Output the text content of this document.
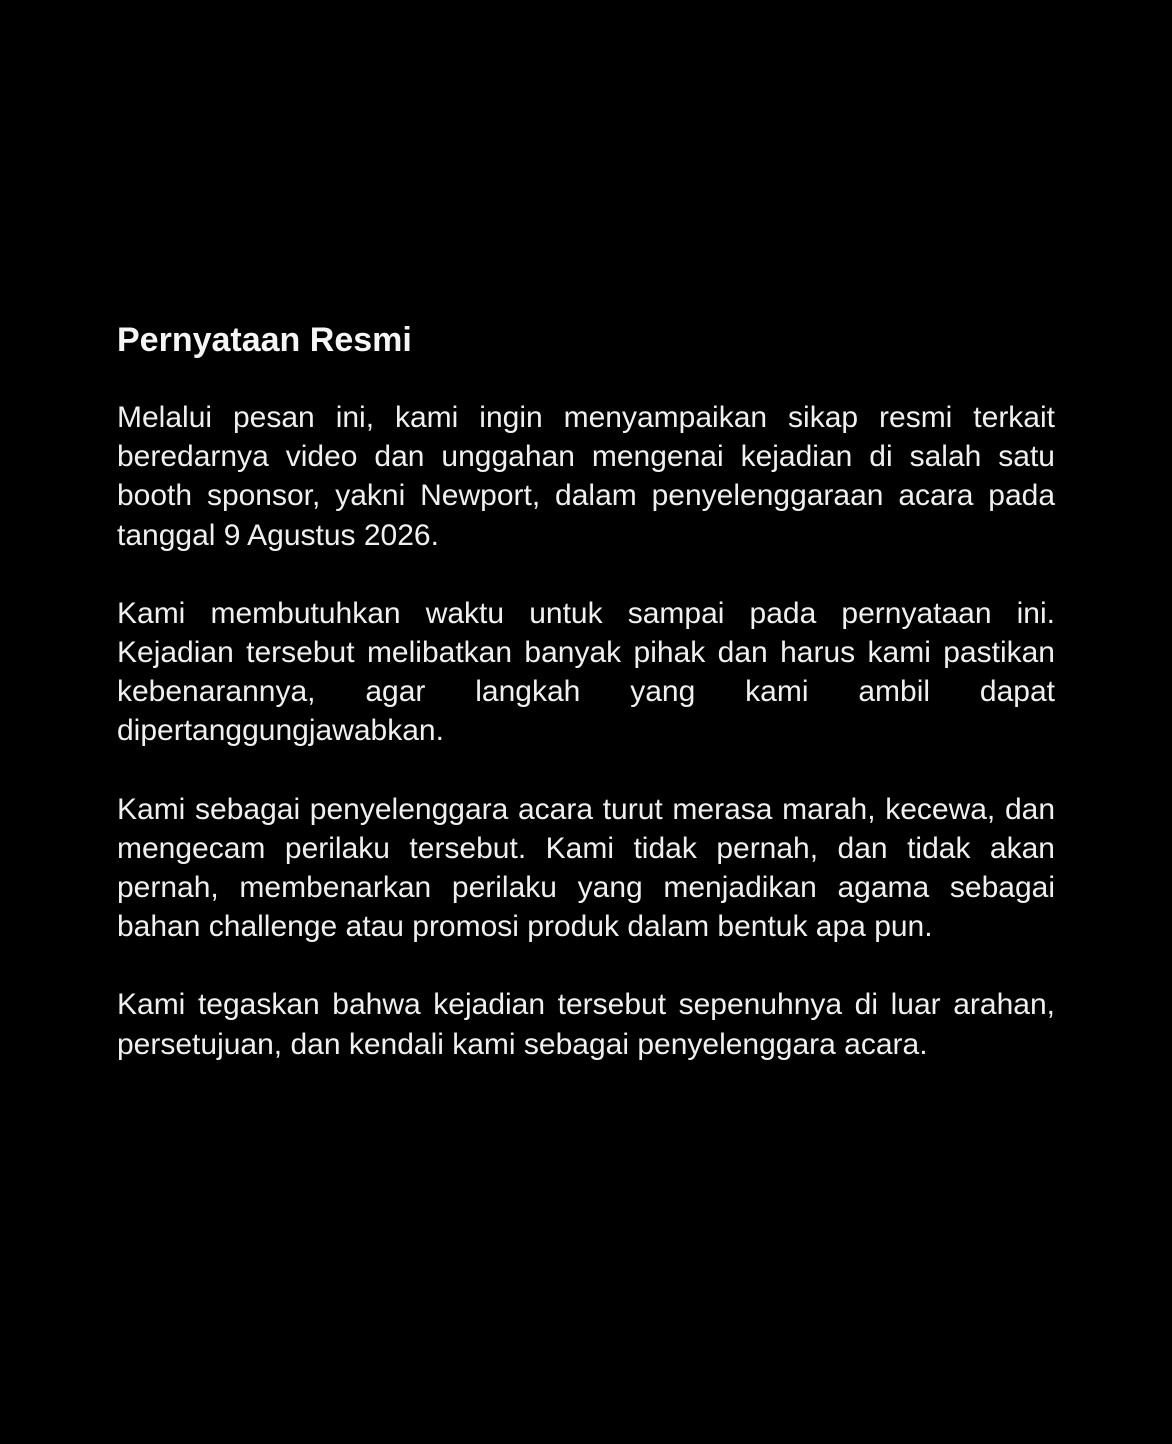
Pernyataan Resmi

Melalui pesan ini, kami ingin menyampaikan sikap resmi terkait beredarnya video dan unggahan mengenai kejadian di salah satu booth sponsor, yakni Newport, dalam penyelenggaraan acara pada tanggal 9 Agustus 2026.

Kami membutuhkan waktu untuk sampai pada pernyataan ini. Kejadian tersebut melibatkan banyak pihak dan harus kami pastikan kebenarannya, agar langkah yang kami ambil dapat dipertanggungjawabkan.

Kami sebagai penyelenggara acara turut merasa marah, kecewa, dan mengecam perilaku tersebut. Kami tidak pernah, dan tidak akan pernah, membenarkan perilaku yang menjadikan agama sebagai bahan challenge atau promosi produk dalam bentuk apa pun.

Kami tegaskan bahwa kejadian tersebut sepenuhnya di luar arahan, persetujuan, dan kendali kami sebagai penyelenggara acara.
